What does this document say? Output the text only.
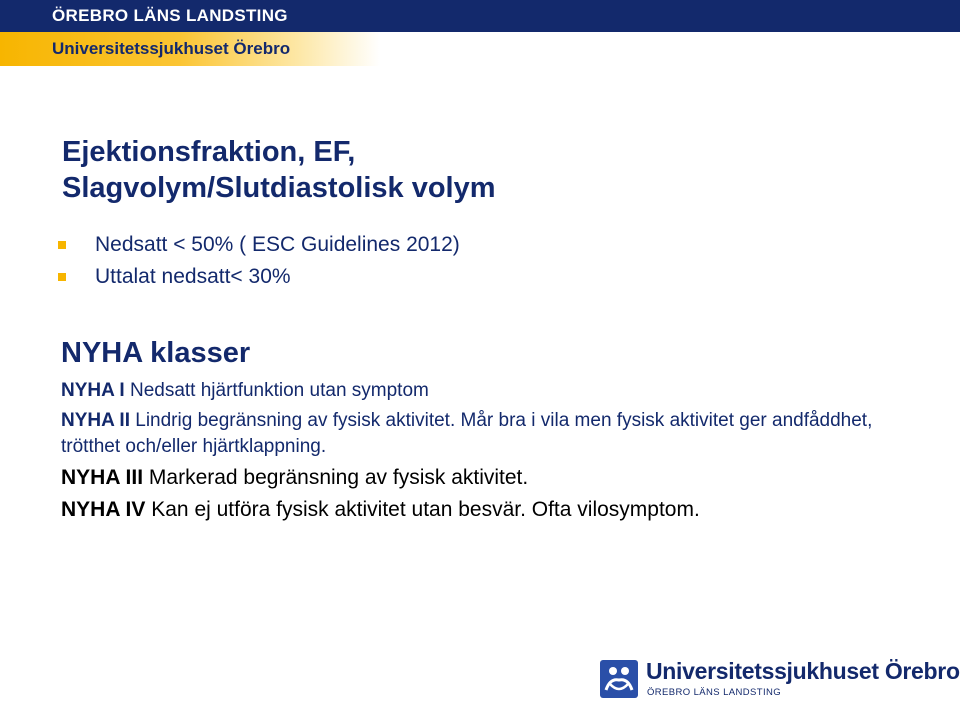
ÖREBRO LÄNS LANDSTING
Universitetssjukhuset Örebro
Ejektionsfraktion, EF,
Slagvolym/Slutdiastolisk volym
Nedsatt < 50% ( ESC Guidelines 2012)
Uttalat nedsatt< 30%
NYHA klasser
NYHA I Nedsatt hjärtfunktion utan symptom
NYHA II Lindrig begränsning av fysisk aktivitet. Mår bra i vila men fysisk aktivitet ger andfåddhet, trötthet och/eller hjärtklappning.
NYHA III Markerad begränsning av fysisk aktivitet.
NYHA IV Kan ej utföra fysisk aktivitet utan besvär. Ofta vilosymptom.
Universitetssjukhuset Örebro
ÖREBRO LÄNS LANDSTING
